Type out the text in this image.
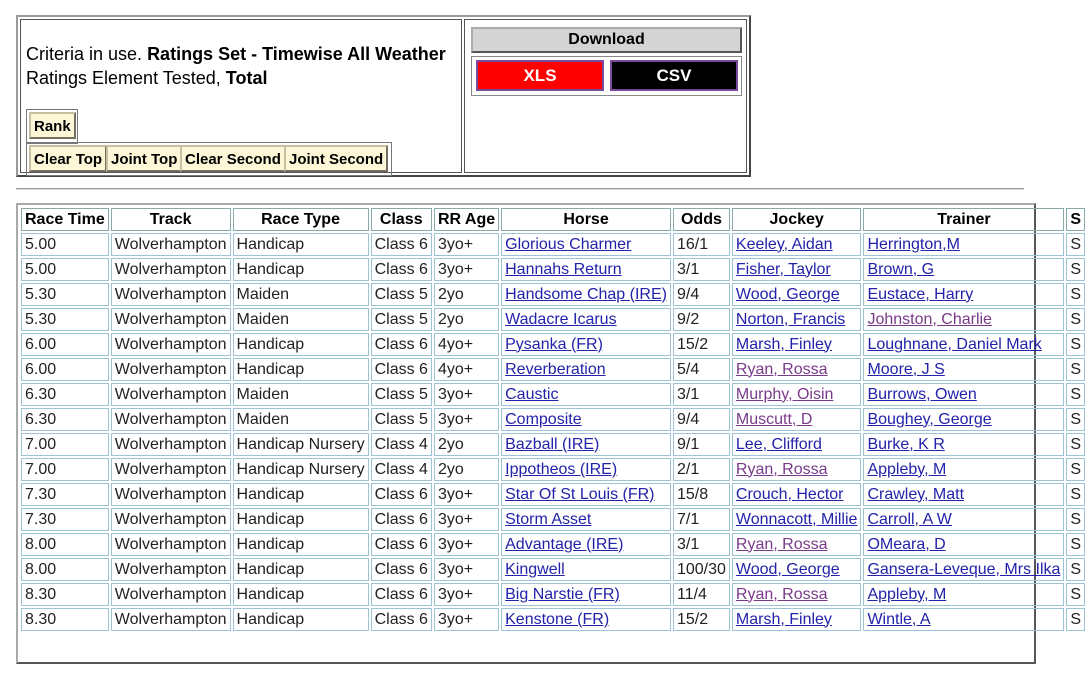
Criteria in use. Ratings Set - Timewise All Weather
Ratings Element Tested, Total
Rank
Clear Top Joint Top Clear Second Joint Second
Download
XLS	CSV
Race Time	Track	Race Type	Class	RR Age	Horse	Odds	Jockey	Trainer	S
5.00	Wolverhampton	Handicap	Class 6	3yo+	Glorious Charmer	16/1	Keeley, Aidan	Herrington,M	S
5.00	Wolverhampton	Handicap	Class 6	3yo+	Hannahs Return	3/1	Fisher, Taylor	Brown, G	S
5.30	Wolverhampton	Maiden	Class 5	2yo	Handsome Chap (IRE)	9/4	Wood, George	Eustace, Harry	S
5.30	Wolverhampton	Maiden	Class 5	2yo	Wadacre Icarus	9/2	Norton, Francis	Johnston, Charlie	S
6.00	Wolverhampton	Handicap	Class 6	4yo+	Pysanka (FR)	15/2	Marsh, Finley	Loughnane, Daniel Mark	S
6.00	Wolverhampton	Handicap	Class 6	4yo+	Reverberation	5/4	Ryan, Rossa	Moore, J S	S
6.30	Wolverhampton	Maiden	Class 5	3yo+	Caustic	3/1	Murphy, Oisin	Burrows, Owen	S
6.30	Wolverhampton	Maiden	Class 5	3yo+	Composite	9/4	Muscutt, D	Boughey, George	S
7.00	Wolverhampton	Handicap Nursery	Class 4	2yo	Bazball (IRE)	9/1	Lee, Clifford	Burke, K R	S
7.00	Wolverhampton	Handicap Nursery	Class 4	2yo	Ippotheos (IRE)	2/1	Ryan, Rossa	Appleby, M	S
7.30	Wolverhampton	Handicap	Class 6	3yo+	Star Of St Louis (FR)	15/8	Crouch, Hector	Crawley, Matt	S
7.30	Wolverhampton	Handicap	Class 6	3yo+	Storm Asset	7/1	Wonnacott, Millie	Carroll, A W	S
8.00	Wolverhampton	Handicap	Class 6	3yo+	Advantage (IRE)	3/1	Ryan, Rossa	OMeara, D	S
8.00	Wolverhampton	Handicap	Class 6	3yo+	Kingwell	100/30	Wood, George	Gansera-Leveque, Mrs Ilka	S
8.30	Wolverhampton	Handicap	Class 6	3yo+	Big Narstie (FR)	11/4	Ryan, Rossa	Appleby, M	S
8.30	Wolverhampton	Handicap	Class 6	3yo+	Kenstone (FR)	15/2	Marsh, Finley	Wintle, A	S
